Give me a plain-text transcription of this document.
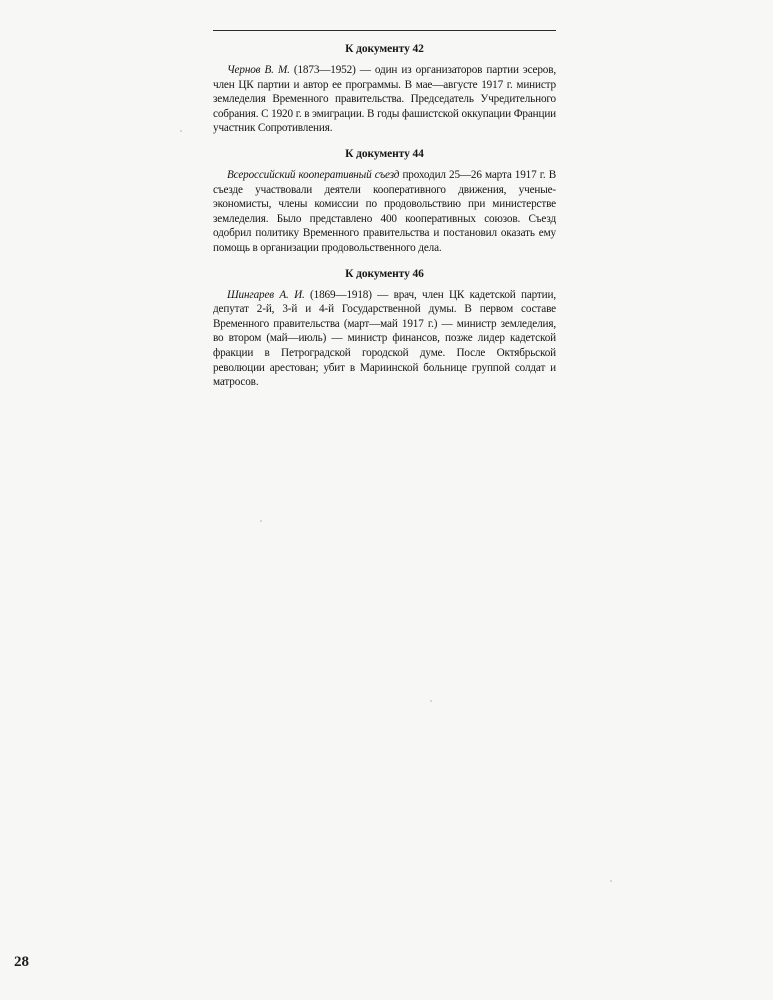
К документу 42

Чернов В. М. (1873—1952) — один из организаторов партии эсеров, член ЦК партии и автор ее программы. В мае—августе 1917 г. министр земледелия Временного правительства. Председатель Учредительного собрания. С 1920 г. в эмиграции. В годы фашистской оккупации Франции участник Сопротивления.

К документу 44

Всероссийский кооперативный съезд проходил 25—26 марта 1917 г. В съезде участвовали деятели кооперативного движения, ученые-экономисты, члены комиссии по продовольствию при министерстве земледелия. Было представлено 400 кооперативных союзов. Съезд одобрил политику Временного правительства и постановил оказать ему помощь в организации продовольственного дела.

К документу 46

Шингарев А. И. (1869—1918) — врач, член ЦК кадетской партии, депутат 2-й, 3-й и 4-й Государственной думы. В первом составе Временного правительства (март—май 1917 г.) — министр земледелия, во втором (май—июль) — министр финансов, позже лидер кадетской фракции в Петроградской городской думе. После Октябрьской революции арестован; убит в Мариинской больнице группой солдат и матросов.

28
